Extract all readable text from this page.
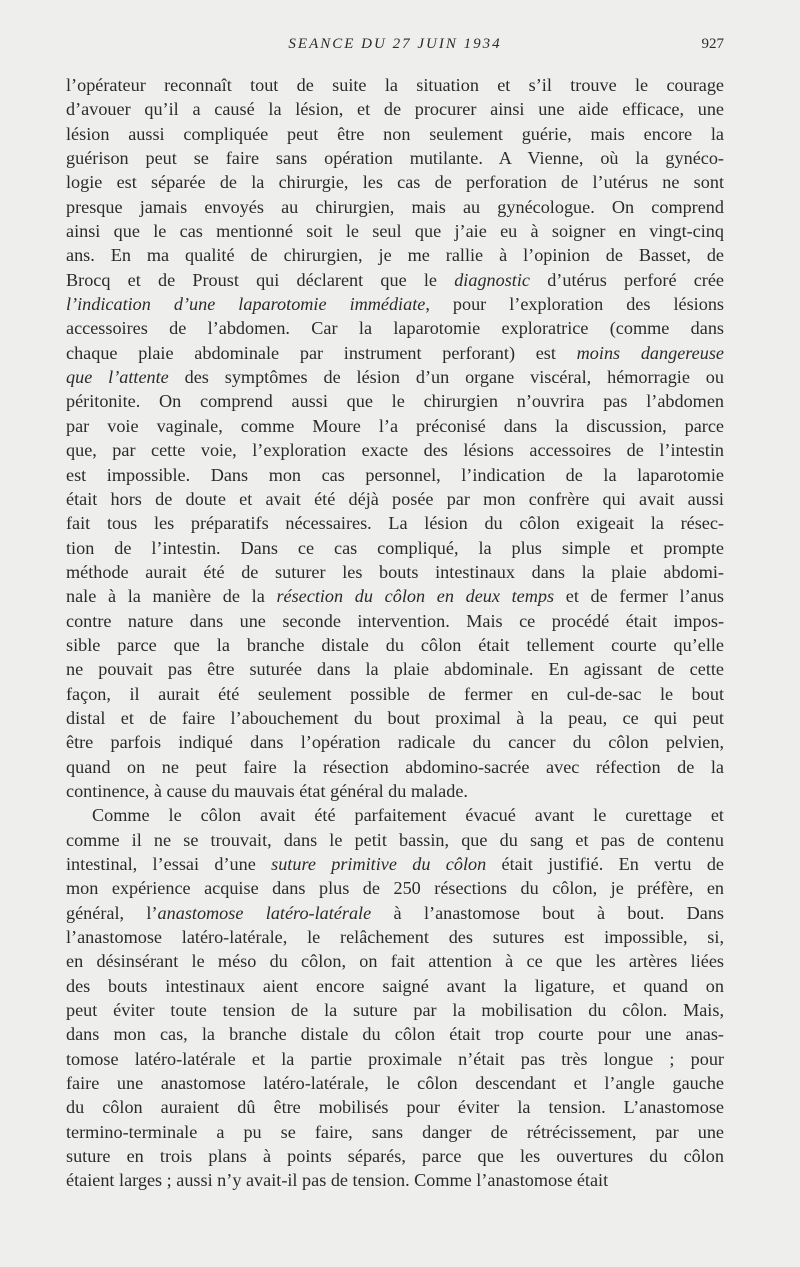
SEANCE DU 27 JUIN 1934	927

l’opérateur reconnaît tout de suite la situation et s’il trouve le courage
d’avouer qu’il a causé la lésion, et de procurer ainsi une aide efficace, une
lésion aussi compliquée peut être non seulement guérie, mais encore la
guérison peut se faire sans opération mutilante. A Vienne, où la gynéco-
logie est séparée de la chirurgie, les cas de perforation de l’utérus ne sont
presque jamais envoyés au chirurgien, mais au gynécologue. On comprend
ainsi que le cas mentionné soit le seul que j’aie eu à soigner en vingt-cinq
ans. En ma qualité de chirurgien, je me rallie à l’opinion de Basset, de
Brocq et de Proust qui déclarent que le diagnostic d’utérus perforé crée
l’indication d’une laparotomie immédiate, pour l’exploration des lésions
accessoires de l’abdomen. Car la laparotomie exploratrice (comme dans
chaque plaie abdominale par instrument perforant) est moins dangereuse
que l’attente des symptômes de lésion d’un organe viscéral, hémorragie ou
péritonite. On comprend aussi que le chirurgien n’ouvrira pas l’abdomen
par voie vaginale, comme Moure l’a préconisé dans la discussion, parce
que, par cette voie, l’exploration exacte des lésions accessoires de l’intestin
est impossible. Dans mon cas personnel, l’indication de la laparotomie
était hors de doute et avait été déjà posée par mon confrère qui avait aussi
fait tous les préparatifs nécessaires. La lésion du côlon exigeait la résec-
tion de l’intestin. Dans ce cas compliqué, la plus simple et prompte
méthode aurait été de suturer les bouts intestinaux dans la plaie abdomi-
nale à la manière de la résection du côlon en deux temps et de fermer l’anus
contre nature dans une seconde intervention. Mais ce procédé était impos-
sible parce que la branche distale du côlon était tellement courte qu’elle
ne pouvait pas être suturée dans la plaie abdominale. En agissant de cette
façon, il aurait été seulement possible de fermer en cul-de-sac le bout
distal et de faire l’abouchement du bout proximal à la peau, ce qui peut
être parfois indiqué dans l’opération radicale du cancer du côlon pelvien,
quand on ne peut faire la résection abdomino-sacrée avec réfection de la
continence, à cause du mauvais état général du malade.

Comme le côlon avait été parfaitement évacué avant le curettage et
comme il ne se trouvait, dans le petit bassin, que du sang et pas de contenu
intestinal, l’essai d’une suture primitive du côlon était justifié. En vertu de
mon expérience acquise dans plus de 250 résections du côlon, je préfère, en
général, l’anastomose latéro-latérale à l’anastomose bout à bout. Dans
l’anastomose latéro-latérale, le relâchement des sutures est impossible, si,
en désinsérant le méso du côlon, on fait attention à ce que les artères liées
des bouts intestinaux aient encore saigné avant la ligature, et quand on
peut éviter toute tension de la suture par la mobilisation du côlon. Mais,
dans mon cas, la branche distale du côlon était trop courte pour une anas-
tomose latéro-latérale et la partie proximale n’était pas très longue ; pour
faire une anastomose latéro-latérale, le côlon descendant et l’angle gauche
du côlon auraient dû être mobilisés pour éviter la tension. L’anastomose
termino-terminale a pu se faire, sans danger de rétrécissement, par une
suture en trois plans à points séparés, parce que les ouvertures du côlon
étaient larges ; aussi n’y avait-il pas de tension. Comme l’anastomose était
